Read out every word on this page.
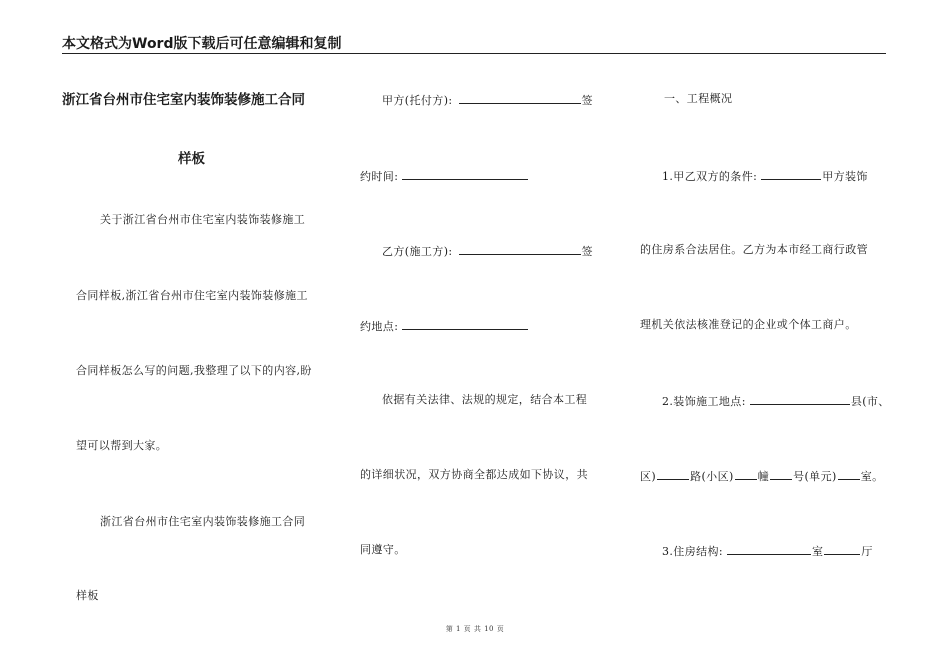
本文格式为Word版下载后可任意编辑和复制
浙江省台州市住宅室内装饰装修施工合同
样板
关于浙江省台州市住宅室内装饰装修施工
合同样板,浙江省台州市住宅室内装饰装修施工
合同样板怎么写的问题,我整理了以下的内容,盼
望可以帮到大家。
浙江省台州市住宅室内装饰装修施工合同
样板
甲方(托付方):	签
约时间:
乙方(施工方):	签
约地点:
依据有关法律、法规的规定，结合本工程
的详细状况，双方协商全都达成如下协议，共
同遵守。
一、工程概况
1.甲乙双方的条件:	甲方装饰
的住房系合法居住。乙方为本市经工商行政管
理机关依法核准登记的企业或个体工商户。
2.装饰施工地点:	县(市、
区)	路(小区) 幢 号(单元) 室。
3.住房结构:	室	厅
第 1 页 共 10 页
